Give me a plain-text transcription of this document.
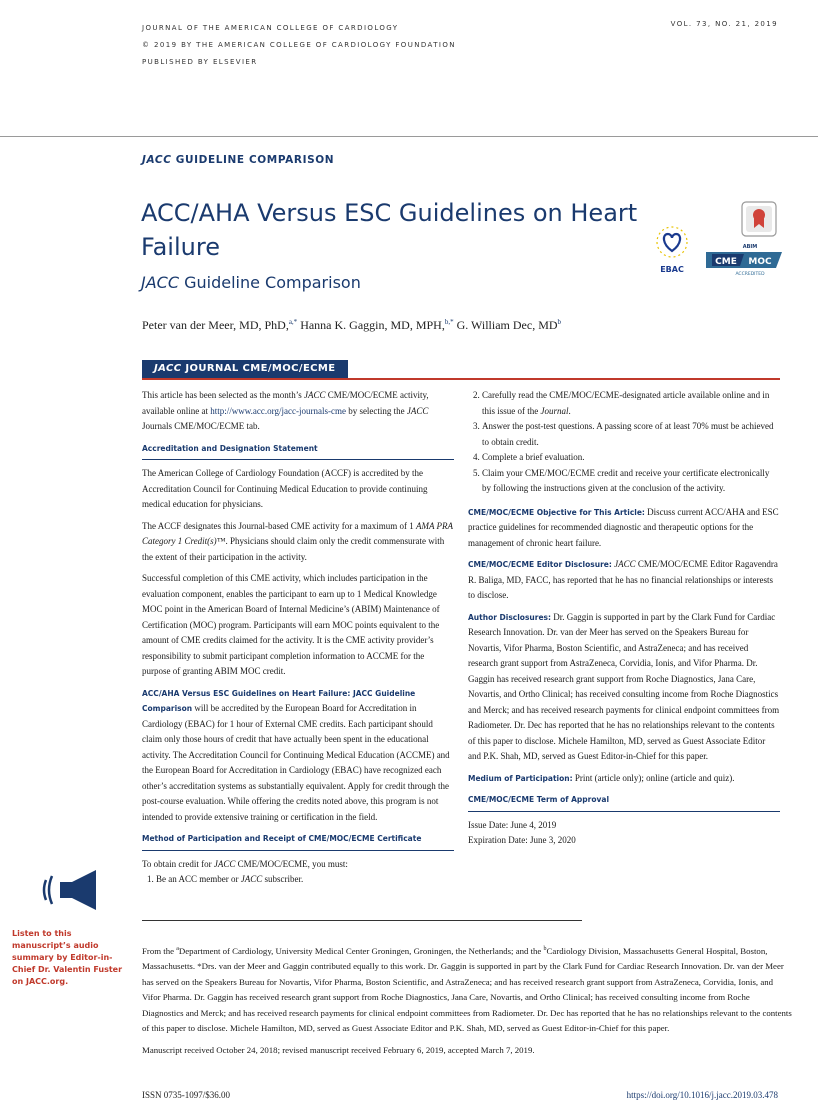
JOURNAL OF THE AMERICAN COLLEGE OF CARDIOLOGY
© 2019 BY THE AMERICAN COLLEGE OF CARDIOLOGY FOUNDATION
PUBLISHED BY ELSEVIER
VOL. 73, NO. 21, 2019
JACC GUIDELINE COMPARISON
ACC/AHA Versus ESC Guidelines on Heart Failure
JACC Guideline Comparison
EBAC
ABIM
CME MOC
ACCREDITED
Peter van der Meer, MD, PhD,$^{a,*}$ Hanna K. Gaggin, MD, MPH,$^{b,*}$ G. William Dec, $MD^b$
JACC JOURNAL CME/MOC/ECME

This article has been selected as the month’s JACC CME/MOC/ECME activity, available online at http://www.acc.org/jacc-journals-cme by selecting the JACC Journals CME/MOC/ECME tab.

Accreditation and Designation Statement

The American College of Cardiology Foundation (ACCF) is accredited by the Accreditation Council for Continuing Medical Education to provide continuing medical education for physicians.

The ACCF designates this Journal-based CME activity for a maximum of 1 AMA PRA Category 1 Credit(s)™. Physicians should claim only the credit commensurate with the extent of their participation in the activity.

Successful completion of this CME activity, which includes participation in the evaluation component, enables the participant to earn up to 1 Medical Knowledge MOC point in the American Board of Internal Medicine’s (ABIM) Maintenance of Certification (MOC) program. Participants will earn MOC points equivalent to the amount of CME credits claimed for the activity. It is the CME activity provider’s responsibility to submit participant completion information to ACCME for the purpose of granting ABIM MOC credit.

ACC/AHA Versus ESC Guidelines on Heart Failure: JACC Guideline Comparison will be accredited by the European Board for Accreditation in Cardiology (EBAC) for 1 hour of External CME credits. Each participant should claim only those hours of credit that have actually been spent in the educational activity. The Accreditation Council for Continuing Medical Education (ACCME) and the European Board for Accreditation in Cardiology (EBAC) have recognized each other’s accreditation systems as substantially equivalent. Apply for credit through the post-course evaluation. While offering the credits noted above, this program is not intended to provide extensive training or certification in the field.

Method of Participation and Receipt of CME/MOC/ECME Certificate
To obtain credit for JACC CME/MOC/ECME, you must:
1. Be an ACC member or JACC subscriber.
2. Carefully read the CME/MOC/ECME-designated article available online and in this issue of the Journal.
3. Answer the post-test questions. A passing score of at least 70% must be achieved to obtain credit.
4. Complete a brief evaluation.
5. Claim your CME/MOC/ECME credit and receive your certificate electronically by following the instructions given at the conclusion of the activity.

CME/MOC/ECME Objective for This Article: Discuss current ACC/AHA and ESC practice guidelines for recommended diagnostic and therapeutic options for the management of chronic heart failure.

CME/MOC/ECME Editor Disclosure: JACC CME/MOC/ECME Editor Ragavendra R. Baliga, MD, FACC, has reported that he has no financial relationships or interests to disclose.

Author Disclosures: Dr. Gaggin is supported in part by the Clark Fund for Cardiac Research Innovation. Dr. van der Meer has served on the Speakers Bureau for Novartis, Vifor Pharma, Boston Scientific, and AstraZeneca; and has received research grant support from AstraZeneca, Corvidia, Ionis, and Vifor Pharma. Dr. Gaggin has received research grant support from Roche Diagnostics, Jana Care, Novartis, and Ortho Clinical; has received consulting income from Roche Diagnostics and Merck; and has received research payments for clinical endpoint committees from Radiometer. Dr. Dec has reported that he has no relationships relevant to the contents of this paper to disclose. Michele Hamilton, MD, served as Guest Associate Editor and P.K. Shah, MD, served as Guest Editor-in-Chief for this paper.

Medium of Participation: Print (article only); online (article and quiz).

CME/MOC/ECME Term of Approval
Issue Date: June 4, 2019
Expiration Date: June 3, 2020
Listen to this manuscript’s audio summary by Editor-in-Chief Dr. Valentin Fuster on JACC.org.

From the $^a$Department of Cardiology, University Medical Center Groningen, Groningen, the Netherlands; and the $^b$Cardiology Division, Massachusetts General Hospital, Boston, Massachusetts. *Drs. van der Meer and Gaggin contributed equally to this work. Dr. Gaggin is supported in part by the Clark Fund for Cardiac Research Innovation. Dr. van der Meer has served on the Speakers Bureau for Novartis, Vifor Pharma, Boston Scientific, and AstraZeneca; and has received research grant support from AstraZeneca, Corvidia, Ionis, and Vifor Pharma. Dr. Gaggin has received research grant support from Roche Diagnostics, Jana Care, Novartis, and Ortho Clinical; has received consulting income from Roche Diagnostics and Merck; and has received research payments for clinical endpoint committees from Radiometer. Dr. Dec has reported that he has no relationships relevant to the contents of this paper to disclose. Michele Hamilton, MD, served as Guest Associate Editor and P.K. Shah, MD, served as Guest Editor-in-Chief for this paper.

Manuscript received October 24, 2018; revised manuscript received February 6, 2019, accepted March 7, 2019.

ISSN 0735-1097/$36.00	https://doi.org/10.1016/j.jacc.2019.03.478
